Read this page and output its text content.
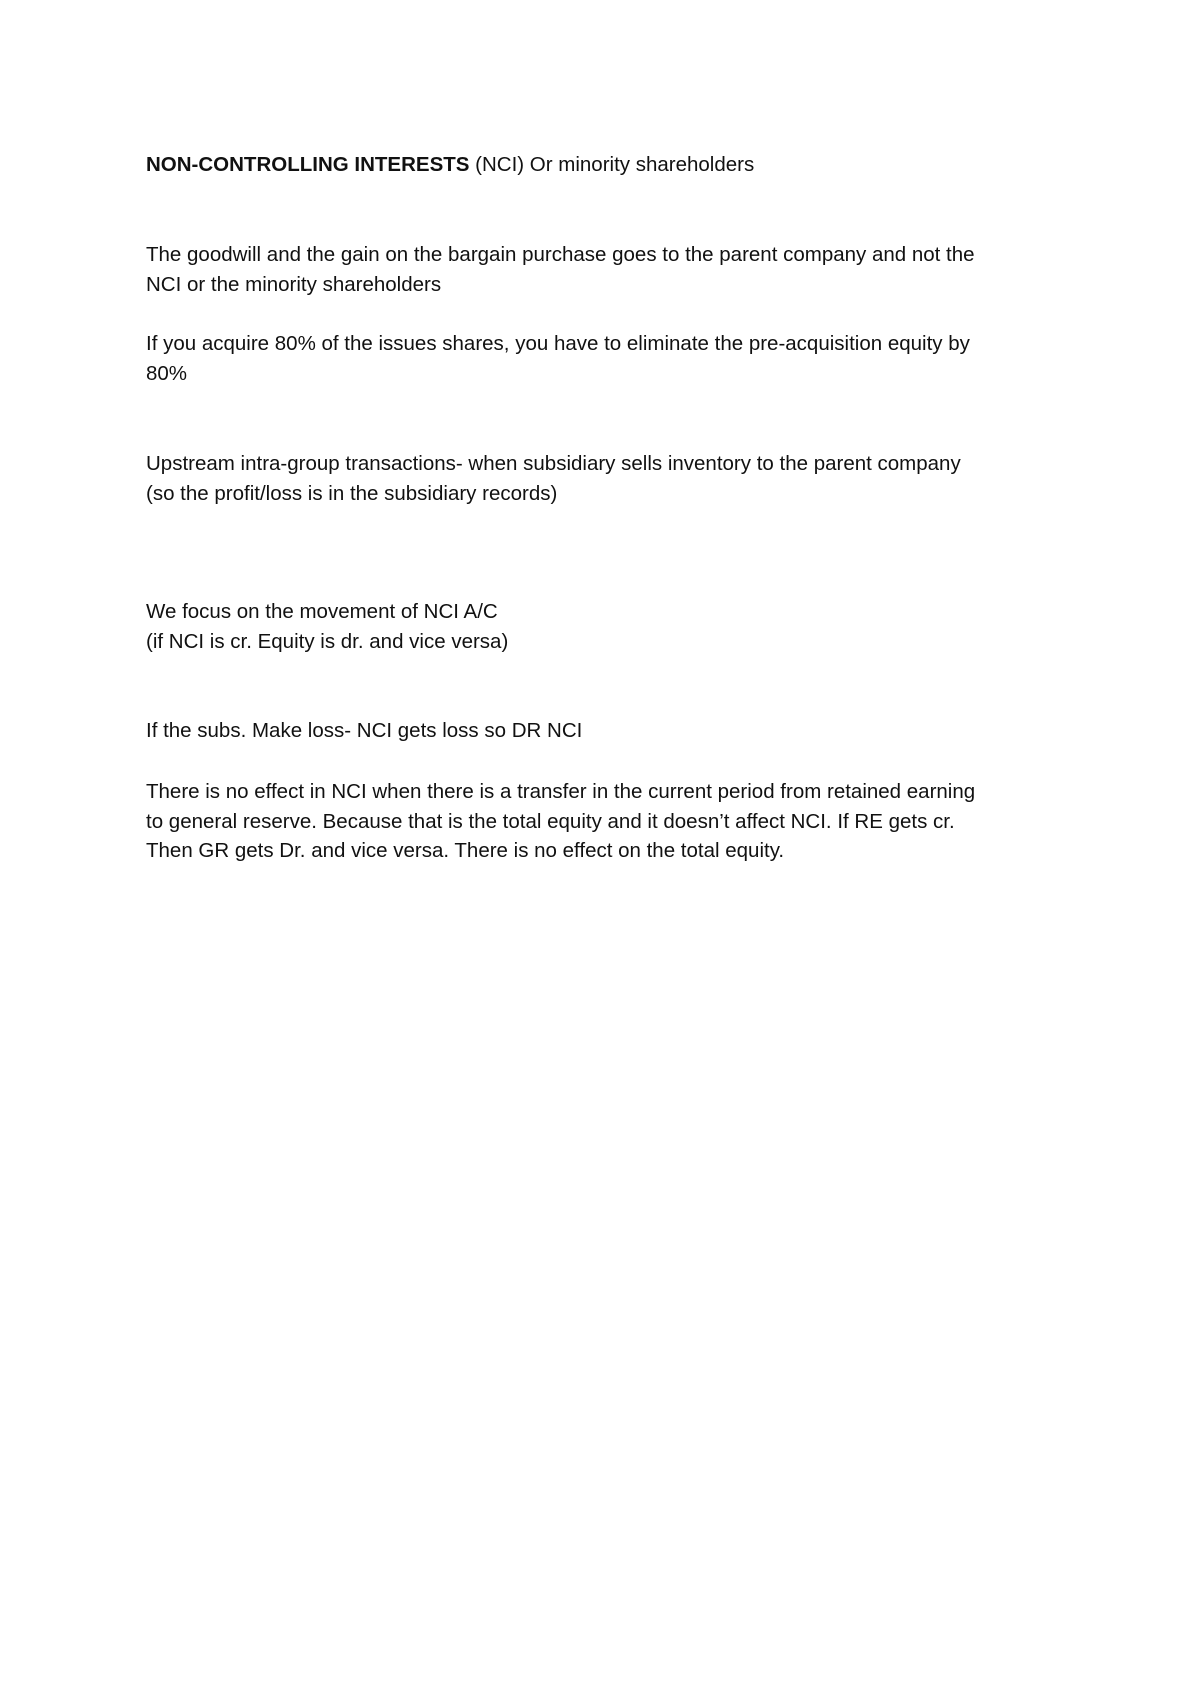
NON-CONTROLLING INTERESTS (NCI) Or minority shareholders

The goodwill and the gain on the bargain purchase goes to the parent company and not the
NCI or the minority shareholders

If you acquire 80% of the issues shares, you have to eliminate the pre-acquisition equity by
80%

Upstream intra-group transactions- when subsidiary sells inventory to the parent company
(so the profit/loss is in the subsidiary records)

We focus on the movement of NCI A/C
(if NCI is cr. Equity is dr. and vice versa)

If the subs. Make loss- NCI gets loss so DR NCI

There is no effect in NCI when there is a transfer in the current period from retained earning
to general reserve. Because that is the total equity and it doesn’t affect NCI. If RE gets cr.
Then GR gets Dr. and vice versa. There is no effect on the total equity.
